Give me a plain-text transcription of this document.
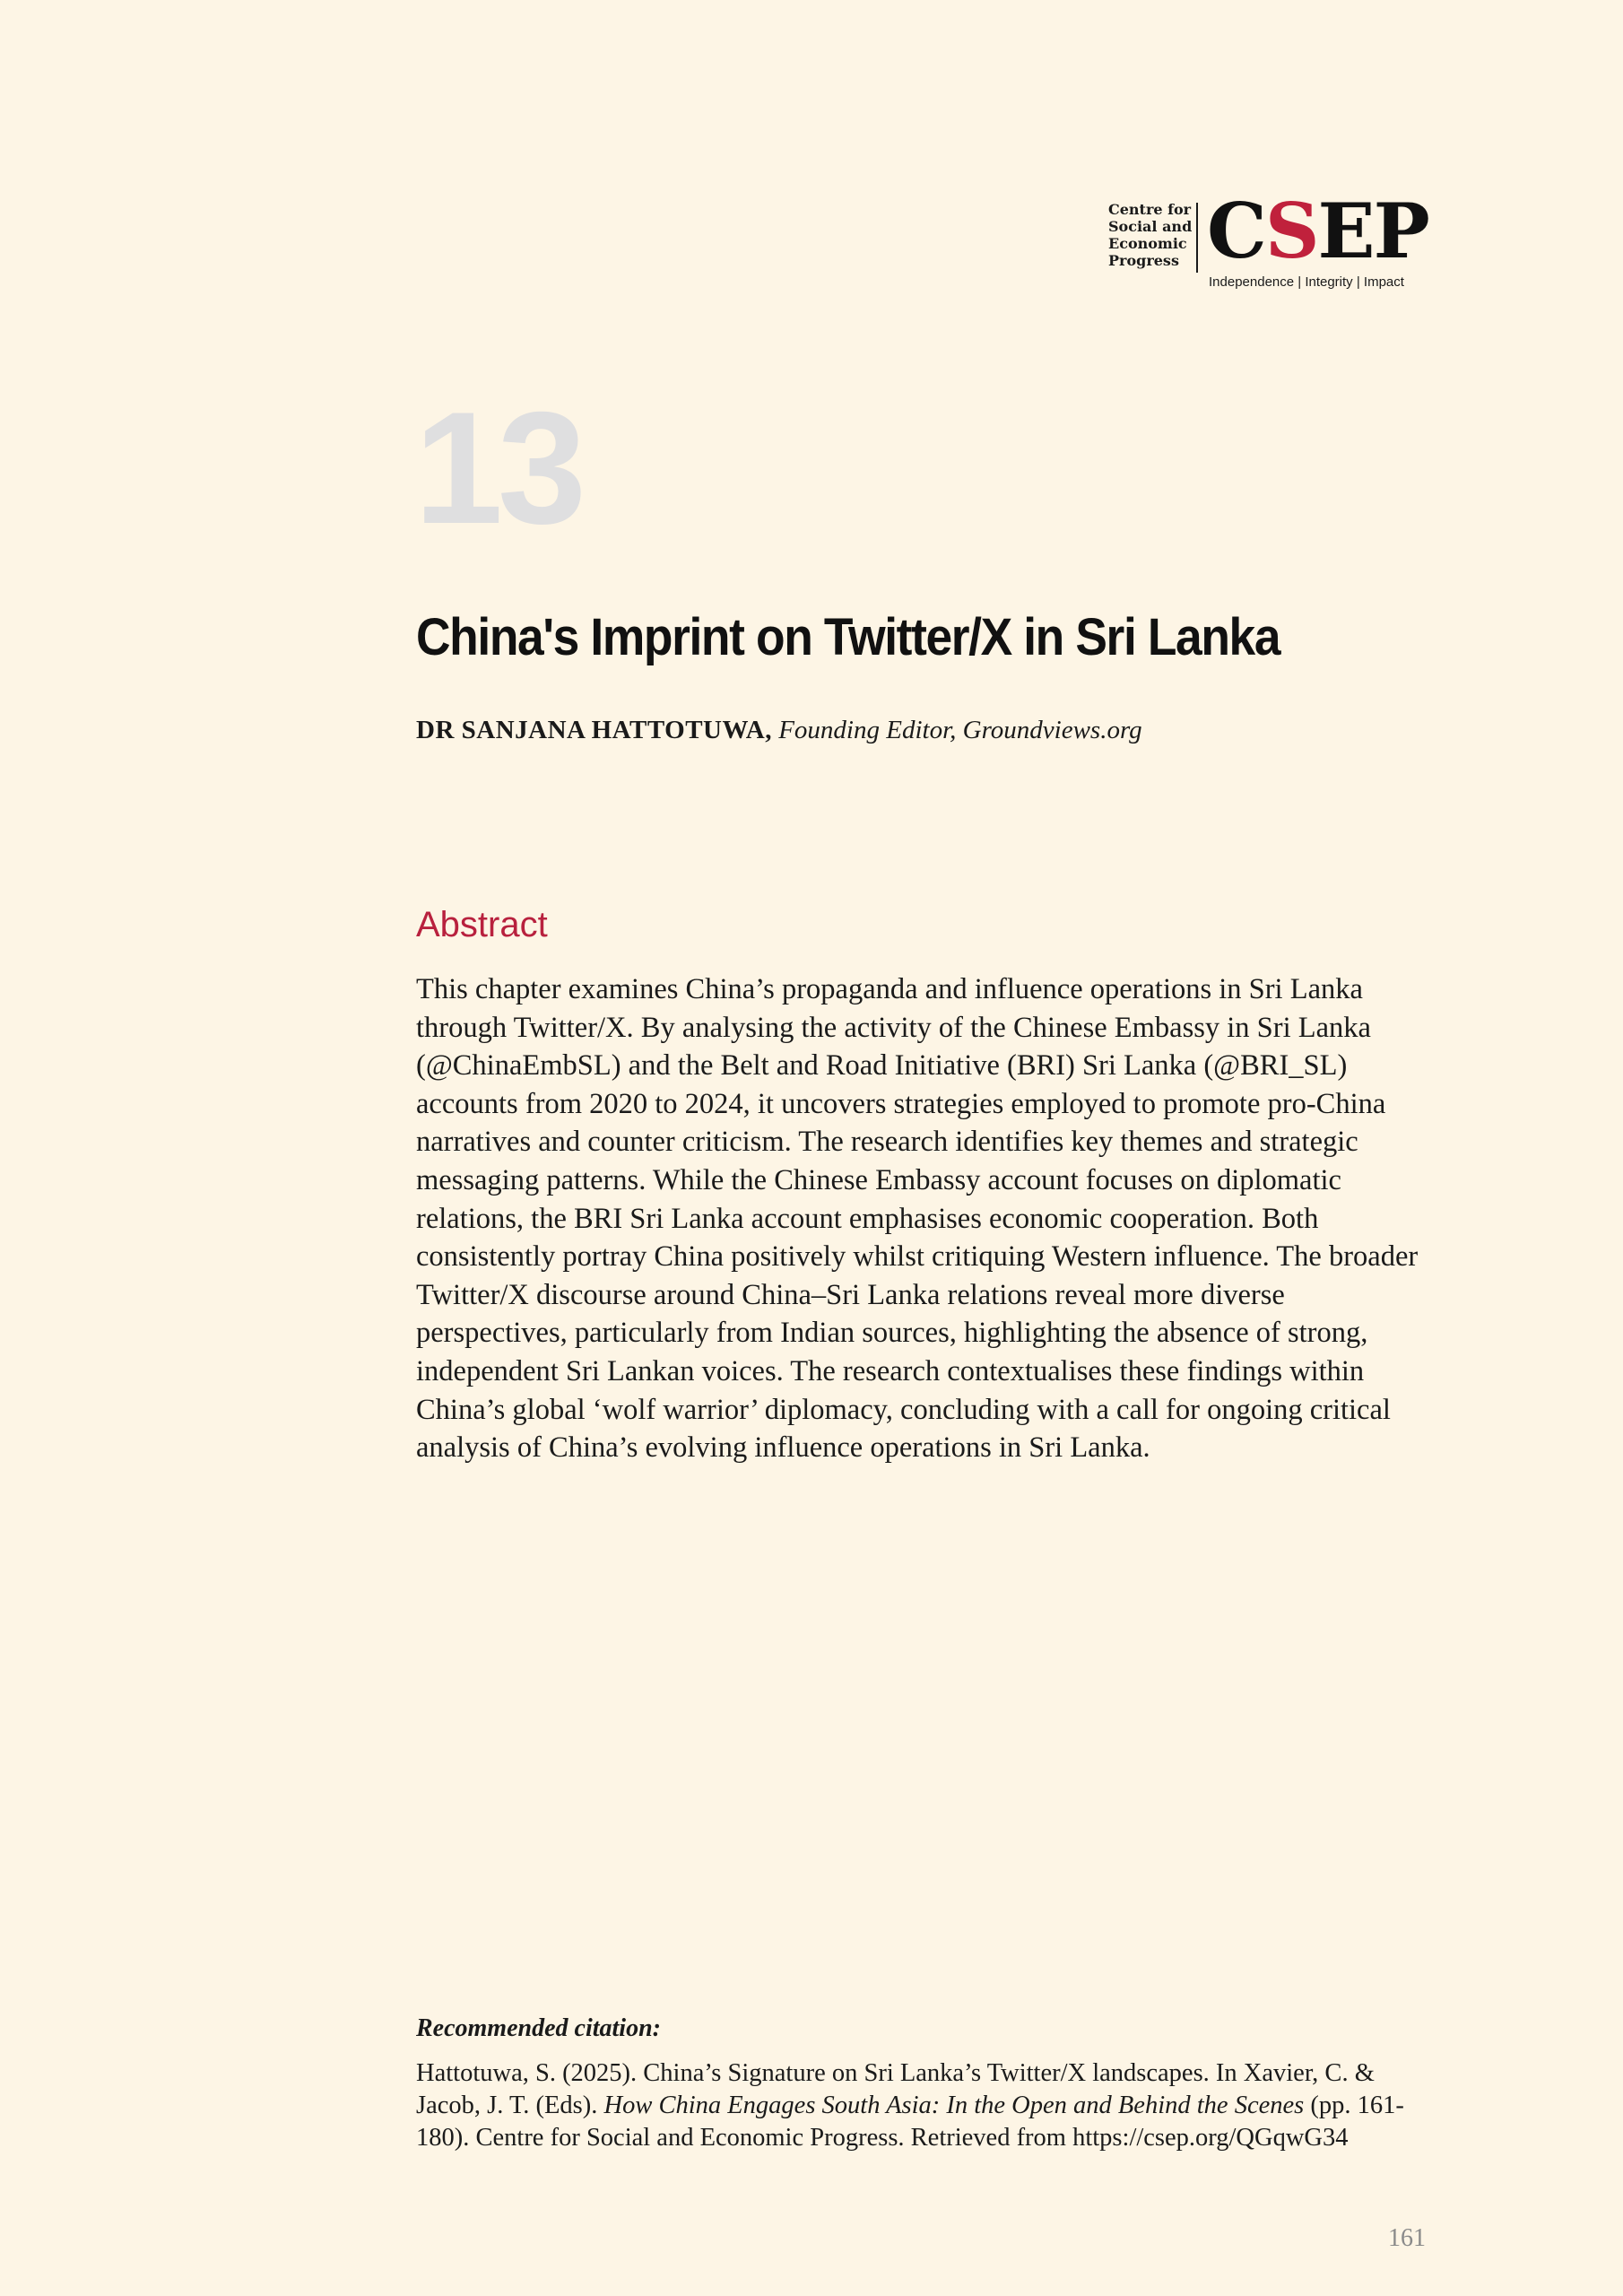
Centre for
Social and
Economic
Progress CSEP
Independence | Integrity | Impact
13
China's Imprint on Twitter/X in Sri Lanka
DR SANJANA HATTOTUWA, Founding Editor, Groundviews.org
Abstract

This chapter examines China’s propaganda and influence operations in Sri Lanka through Twitter/X. By analysing the activity of the Chinese Embassy in Sri Lanka (@ChinaEmbSL) and the Belt and Road Initiative (BRI) Sri Lanka (@BRI_SL) accounts from 2020 to 2024, it uncovers strategies employed to promote pro-China narratives and counter criticism. The research identifies key themes and strategic messaging patterns. While the Chinese Embassy account focuses on diplomatic relations, the BRI Sri Lanka account emphasises economic cooperation. Both consistently portray China positively whilst critiquing Western influence. The broader Twitter/X discourse around China–Sri Lanka relations reveal more diverse perspectives, particularly from Indian sources, highlighting the absence of strong, independent Sri Lankan voices. The research contextualises these findings within China’s global ‘wolf warrior’ diplomacy, concluding with a call for ongoing critical analysis of China’s evolving influence operations in Sri Lanka.

Recommended citation:

Hattotuwa, S. (2025). China’s Signature on Sri Lanka’s Twitter/X landscapes. In Xavier, C. & Jacob, J. T. (Eds). How China Engages South Asia: In the Open and Behind the Scenes (pp. 161-180). Centre for Social and Economic Progress. Retrieved from https://csep.org/QGqwG34

161
